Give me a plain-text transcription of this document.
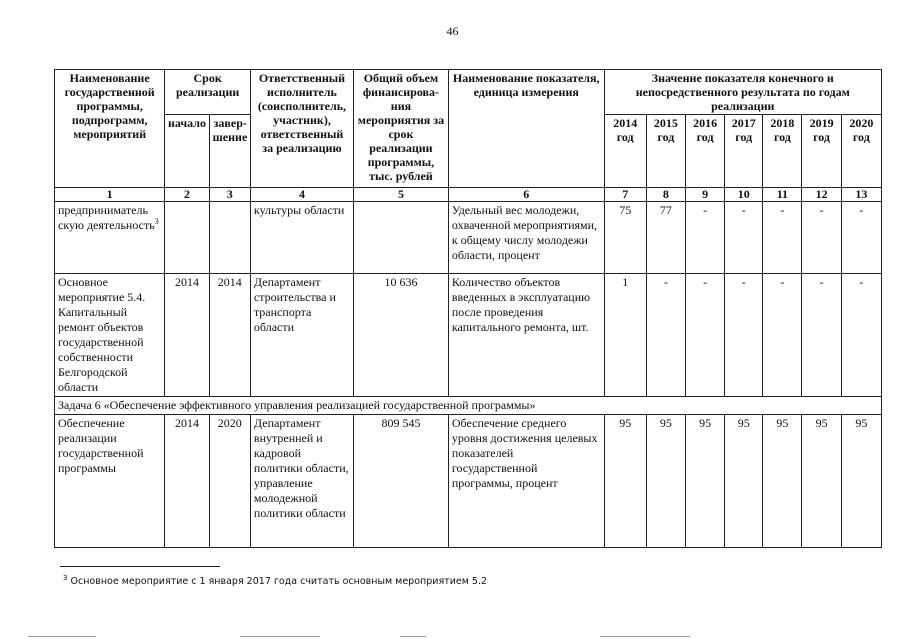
46
Наименование государственной программы, подпрограмм, мероприятий	Срок реализации		Ответственный исполнитель (соисполнитель, участник), ответственный за реализацию	Общий объем финансирова-ния мероприятия за срок реализации программы, тыс. рублей	Наименование показателя, единица измерения	Значение показателя конечного и непосредственного результата по годам реализации						
	начало	завер-шение				2014 год	2015 год	2016 год	2017 год	2018 год	2019 год	2020 год
1	2	3	4	5	6	7	8	9	10	11	12	13
предприниматель скую деятельность$^3$			культуры области		Удельный вес молодежи, охваченной мероприятиями, к общему числу молодежи области, процент	75	77	-	-	-	-	-
Основное мероприятие 5.4. Капитальный ремонт объектов государственной собственности Белгородской области	2014	2014	Департамент строительства и транспорта области	10 636	Количество объектов введенных в эксплуатацию после проведения капитального ремонта, шт.	1	-	-	-	-	-	-
Задача 6 «Обеспечение эффективного управления реализацией государственной программы»												
Обеспечение реализации государственной программы	2014	2020	Департамент внутренней и кадровой политики области, управление молодежной политики области	809 545	Обеспечение среднего уровня достижения целевых показателей государственной программы, процент	95	95	95	95	95	95	95
$^3$ Основное мероприятие с 1 января 2017 года считать основным мероприятием 5.2
